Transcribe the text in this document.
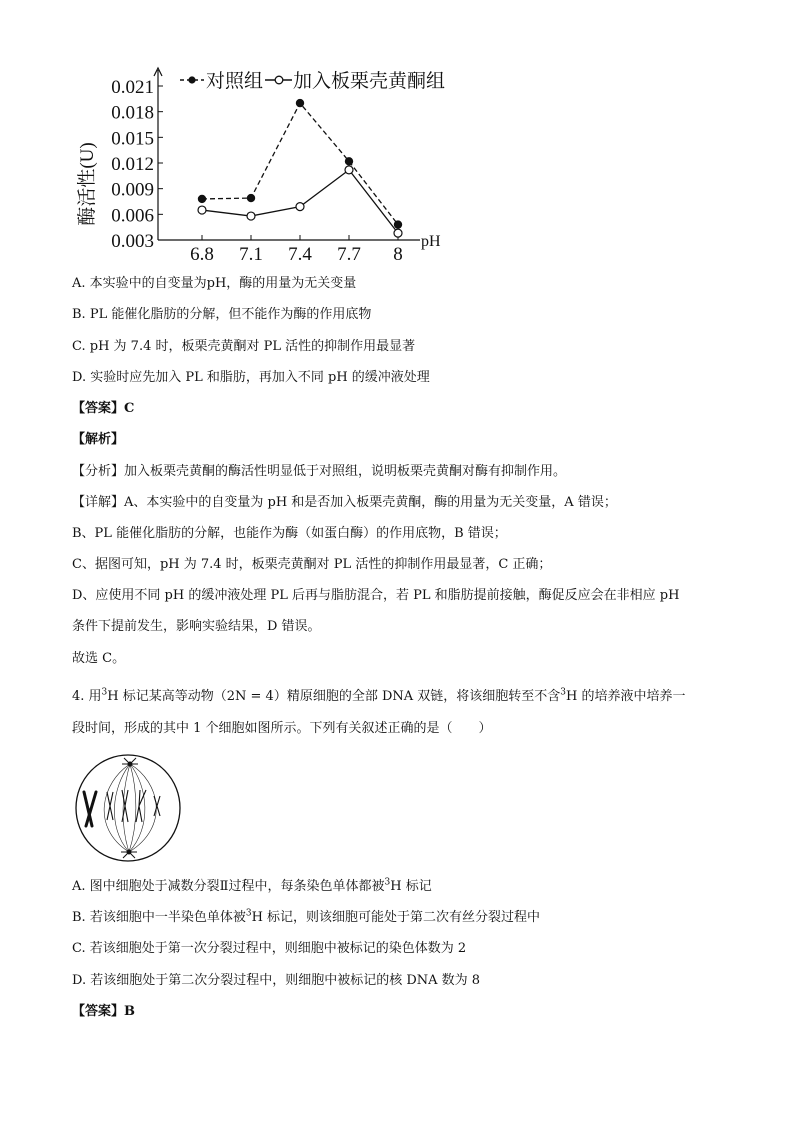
0.021
0.018
0.015
0.012
0.009
0.006
0.003
6.8 7.1 7.4 7.7 8
对照组 加入板栗壳黄酮组
酶活性(U)
pH
A. 本实验中的自变量为pH，酶的用量为无关变量
B. PL 能催化脂肪的分解，但不能作为酶的作用底物
C. pH 为 7.4 时，板栗壳黄酮对 PL 活性的抑制作用最显著
D. 实验时应先加入 PL 和脂肪，再加入不同 pH 的缓冲液处理
【答案】C
【解析】
【分析】加入板栗壳黄酮的酶活性明显低于对照组，说明板栗壳黄酮对酶有抑制作用。
【详解】A、本实验中的自变量为 pH 和是否加入板栗壳黄酮，酶的用量为无关变量，A 错误；
B、PL 能催化脂肪的分解，也能作为酶（如蛋白酶）的作用底物，B 错误；
C、据图可知，pH 为 7.4 时，板栗壳黄酮对 PL 活性的抑制作用最显著，C 正确；
D、应使用不同 pH 的缓冲液处理 PL 后再与脂肪混合，若 PL 和脂肪提前接触，酶促反应会在非相应 pH
条件下提前发生，影响实验结果，D 错误。
故选 C。
4. 用$^3$H 标记某高等动物（2N = 4）精原细胞的全部 DNA 双链，将该细胞转至不含$^3$H 的培养液中培养一
段时间，形成的其中 1 个细胞如图所示。下列有关叙述正确的是（　　）
A. 图中细胞处于减数分裂Ⅱ过程中，每条染色单体都被$^3$H 标记
B. 若该细胞中一半染色单体被$^3$H 标记，则该细胞可能处于第二次有丝分裂过程中
C. 若该细胞处于第一次分裂过程中，则细胞中被标记的染色体数为 2
D. 若该细胞处于第二次分裂过程中，则细胞中被标记的核 DNA 数为 8
【答案】B
